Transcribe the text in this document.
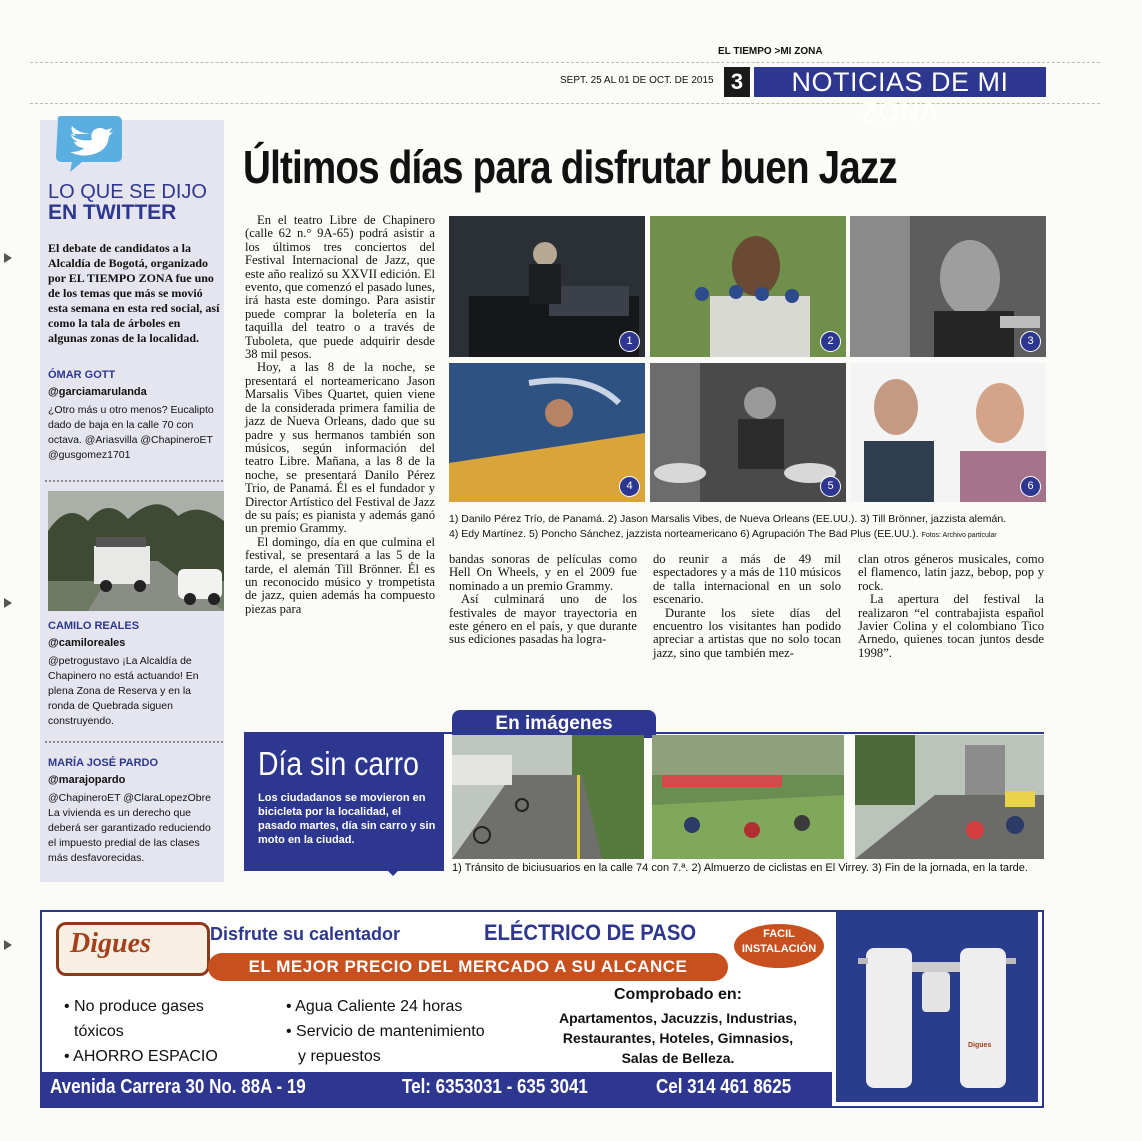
EL TIEMPO >MI ZONA
SEPT. 25 AL 01 DE OCT. DE 2015 3	NOTICIAS DE MI ZONA
LO QUE SE DIJO
EN TWITTER
El debate de candidatos a la Alcaldía de Bogotá, organizado por EL TIEMPO ZONA fue uno de los temas que más se movió esta semana en esta red social, así como la tala de árboles en algunas zonas de la localidad.
ÓMAR GOTT
@garciamarulanda
¿Otro más u otro menos? Eucalipto dado de baja en la calle 70 con octava. @Ariasvilla @ChapineroET @gusgomez1701
CAMILO REALES
@camiloreales
@petrogustavo ¡La Alcaldía de Chapinero no está actuando! En plena Zona de Reserva y en la ronda de Quebrada siguen construyendo.
MARÍA JOSÉ PARDO
@marajopardo
@ChapineroET @ClaraLopezObre La vivienda es un derecho que deberá ser garantizado reduciendo el impuesto predial de las clases más desfavorecidas.
Últimos días para disfrutar buen Jazz

En el teatro Libre de Chapinero (calle 62 n.° 9A-65) podrá asistir a los últimos tres conciertos del Festival Internacional de Jazz, que este año realizó su XXVII edición. El evento, que comenzó el pasado lunes, irá hasta este domingo. Para asistir puede comprar la boletería en la taquilla del teatro o a través de Tuboleta, que puede adquirir desde 38 mil pesos.

Hoy, a las 8 de la noche, se presentará el norteamericano Jason Marsalis Vibes Quartet, quien viene de la considerada primera familia de jazz de Nueva Orleans, dado que su padre y sus hermanos también son músicos, según información del teatro Libre. Mañana, a las 8 de la noche, se presentará Danilo Pérez Trio, de Panamá. Él es el fundador y Director Artístico del Festival de Jazz de su país; es pianista y además ganó un premio Grammy.

El domingo, día en que culmina el festival, se presentará a las 5 de la tarde, el alemán Till Brönner. Él es un reconocido músico y trompetista de jazz, quien además ha compuesto piezas para

1	2	3
4	5	6
1) Danilo Pérez Trío, de Panamá. 2) Jason Marsalis Vibes, de Nueva Orleans (EE.UU.). 3) Till Brönner, jazzista alemán.
4) Edy Martínez. 5) Poncho Sánchez, jazzista norteamericano 6) Agrupación The Bad Plus (EE.UU.). Fotos: Archivo particular

bandas sonoras de películas como Hell On Wheels, y en el 2009 fue nominado a un premio Grammy.

Así culminará uno de los festivales de mayor trayectoria en este género en el país, y que durante sus ediciones pasadas ha logra-

do reunir a más de 49 mil espectadores y a más de 110 músicos de talla internacional en un solo escenario.

Durante los siete días del encuentro los visitantes han podido apreciar a artistas que no solo tocan jazz, sino que también mez-

clan otros géneros musicales, como el flamenco, latin jazz, bebop, pop y rock.

La apertura del festival la realizaron “el contrabajista español Javier Colina y el colombiano Tico Arnedo, quienes tocan juntos desde 1998”.

En imágenes
Día sin carro
Los ciudadanos se movieron en bicicleta por la localidad, el pasado martes, día sin carro y sin moto en la ciudad.
1) Tránsito de biciusuarios en la calle 74 con 7.ª. 2) Almuerzo de ciclistas en El Virrey. 3) Fin de la jornada, en la tarde.
Digues	Disfrute su calentador	ELÉCTRICO DE PASO	FACIL
INSTALACIÓN
EL MEJOR PRECIO DEL MERCADO A SU ALCANCE
• No produce gases
tóxicos
• AHORRO ESPACIO
• Agua Caliente 24 horas
• Servicio de mantenimiento
y repuestos
Comprobado en:
Apartamentos, Jacuzzis, Industrias,
Restaurantes, Hoteles, Gimnasios,
Salas de Belleza.
Avenida Carrera 30 No. 88A - 19	Tel: 6353031 - 635 3041	Cel 314 461 8625
Digues
